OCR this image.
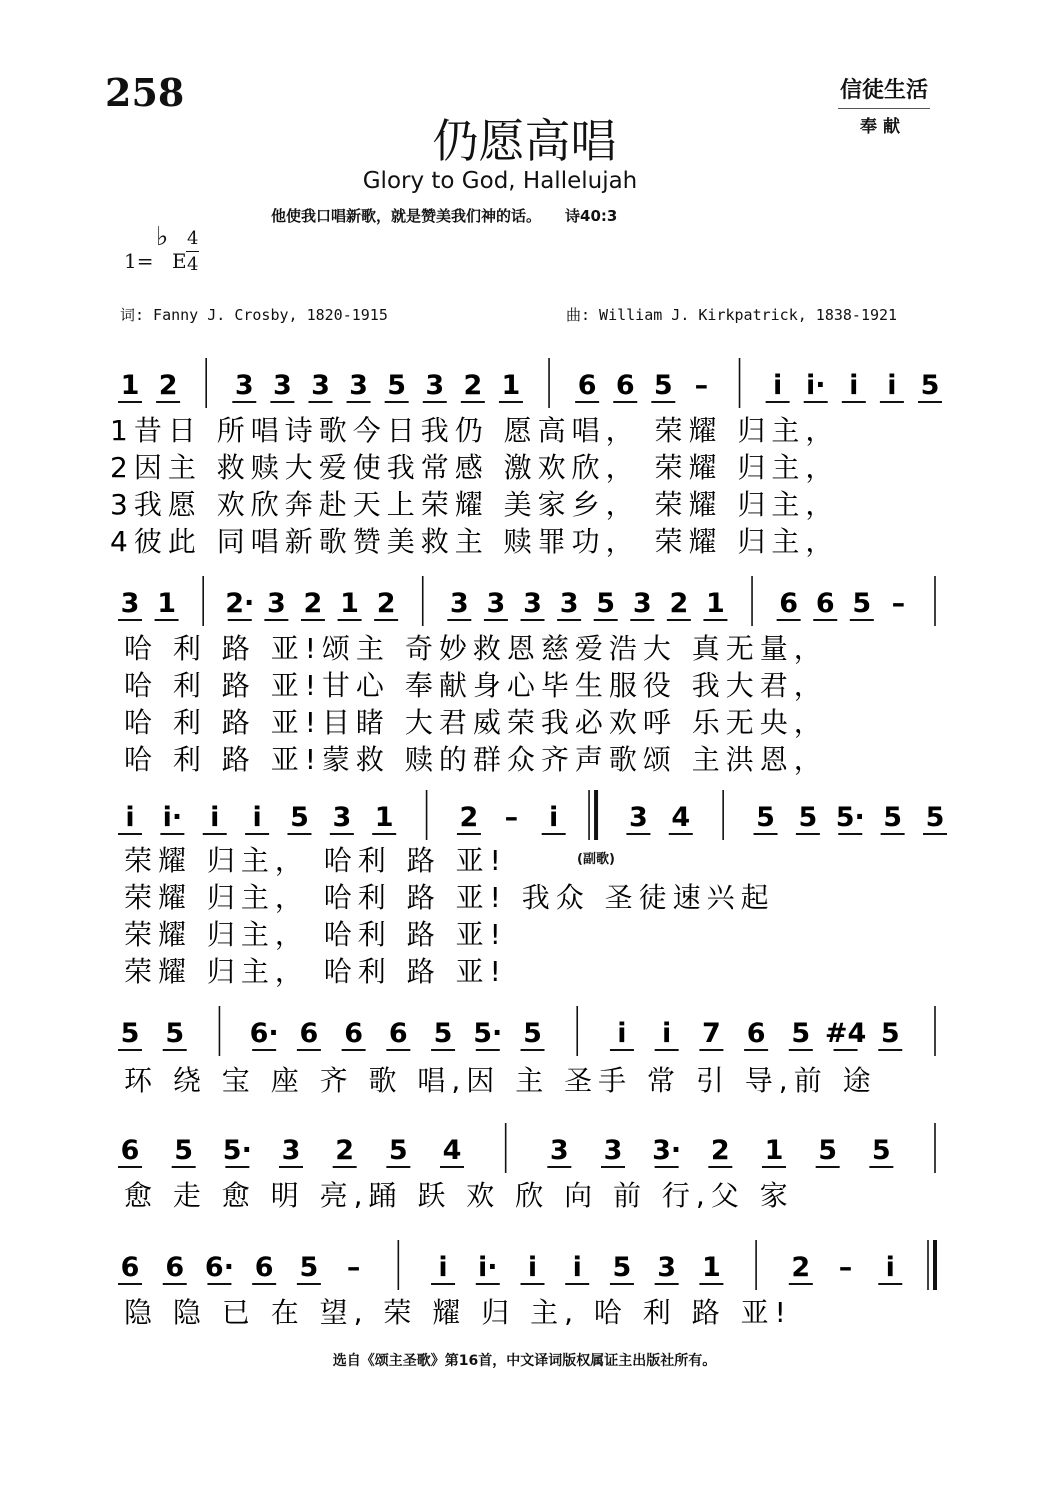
258	信徒生活
奉献
仍愿高唱
Glory to God, Hallelujah
他使我口唱新歌，就是赞美我们神的话。 诗40:3
1=
♭
E
4
4
词: Fanny J. Crosby, 1820-1915	曲: William J. Kirkpatrick, 1838-1921
1 2 3 3 3 3 5 3 2 1 6 6 5 – i i· i i 5
1昔日 所唱诗歌今日我仍 愿高唱， 荣耀 归主，
2因主 救赎大爱使我常感 激欢欣， 荣耀 归主，
3我愿 欢欣奔赴天上荣耀 美家乡， 荣耀 归主，
4彼此 同唱新歌赞美救主 赎罪功， 荣耀 归主，
3 1 2· 3 2 1 2 3 3 3 3 5 3 2 1 6 6 5 –
哈 利 路 亚!颂主 奇妙救恩慈爱浩大 真无量，
哈 利 路 亚!甘心 奉献身心毕生服役 我大君，
哈 利 路 亚!目睹 大君威荣我必欢呼 乐无央，
哈 利 路 亚!蒙救 赎的群众齐声歌颂 主洪恩，
i i· i i 5 3 1 2 – i	3 4 5 5 5· 5 5
(副歌)
荣耀 归主， 哈利 路 亚!
荣耀 归主， 哈利 路 亚! 我众 圣徒速兴起
荣耀 归主， 哈利 路 亚!
荣耀 归主， 哈利 路 亚!
5 5 6· 6 6 6 5 5· 5	i i 7 6 5 #4 5
环 绕 宝 座 齐 歌 唱,因 主 圣手 常 引 导,前 途
6 5 5· 3 2 5 4	3 3 3· 2 1 5 5
愈 走 愈 明 亮,踊 跃 欢 欣 向 前 行,父 家
6 6 6· 6 5 –	i i· i i 5 3 1	2 – i
隐 隐 已 在 望, 荣 耀 归 主, 哈 利 路 亚!
选自《颂主圣歌》第16首，中文译词版权属证主出版社所有。
